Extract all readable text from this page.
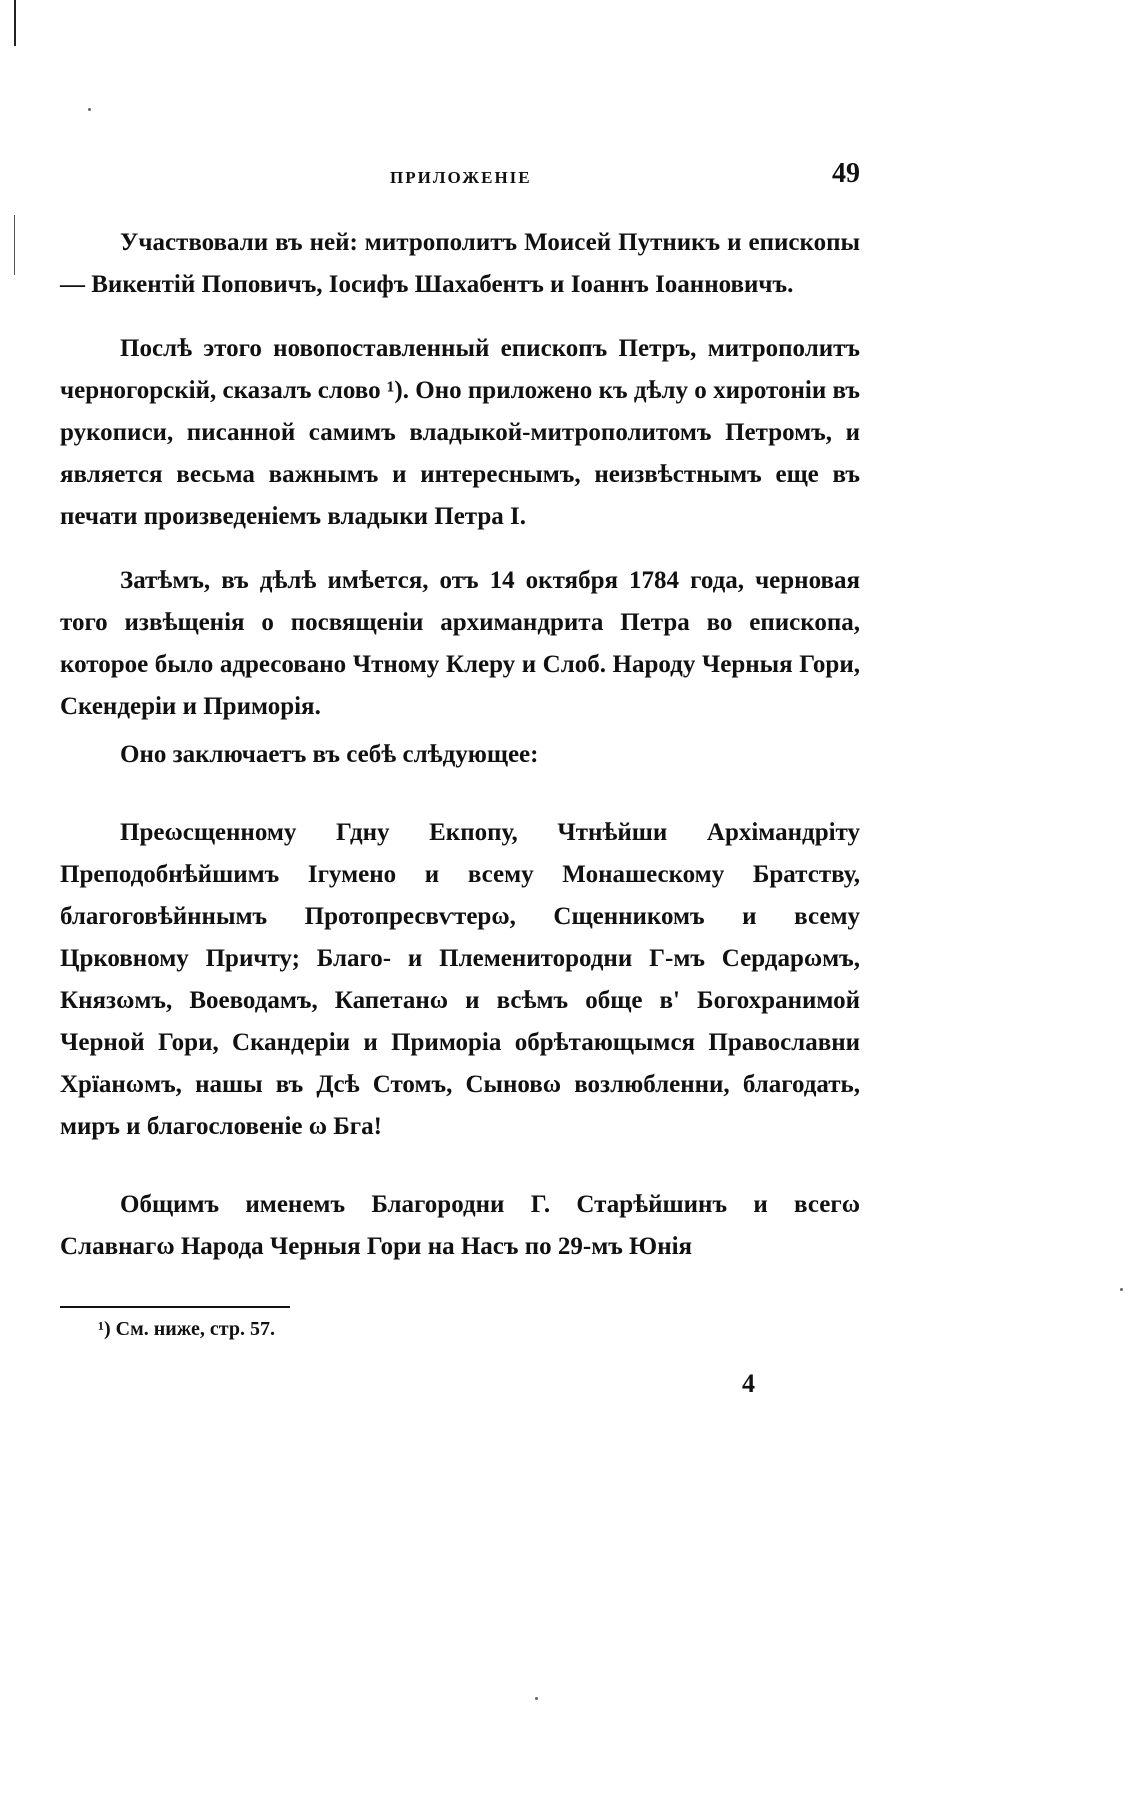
ПРИЛОЖЕНІЕ	49

Участвовали въ ней: митрополитъ Моисей Путникъ и епископы — Викентій Поповичъ, Іосифъ Шахабентъ и Іоаннъ Іоанновичъ.

Послѣ этого новопоставленный епископъ Петръ, митрополитъ черногорскій, сказалъ слово ¹). Оно приложено къ дѣлу о хиротоніи въ рукописи, писанной самимъ владыкой-митрополитомъ Петромъ, и является весьма важнымъ и интереснымъ, неизвѣстнымъ еще въ печати произведеніемъ владыки Петра I.

Затѣмъ, въ дѣлѣ имѣется, отъ 14 октября 1784 года, черновая того извѣщенія о посвященіи архимандрита Петра во епископа, которое было адресовано Чтному Клеру и Слоб. Народу Черныя Гори, Скендеріи и Приморія.

Оно заключаетъ въ себѣ слѣдующее:

Преωсщенному Гдну Екпопу, Чтнѣйши Архімандріту Преподобнѣйшимъ Ігумено и всему Монашескому Братству, благоговѣйннымъ Протопресвѵтерω, Сщенникомъ и всему Црковному Причту; Благо- и Племенитородни Г-мъ Сердарωмъ, Князωмъ, Воеводамъ, Капетанω и всѣмъ обще в' Богохранимой Черной Гори, Скандеріи и Приморіа обрѣтающымся Православни Хрїанωмъ, нашы въ Дсѣ Стомъ, Сыновω возлюбленни, благодать, миръ и благословеніе ω Бга!

Общимъ именемъ Благородни Г. Старѣйшинъ и всегω Славнагω Народа Черныя Гори на Насъ по 29-мъ Юнія

¹) См. ниже, стр. 57.
4
